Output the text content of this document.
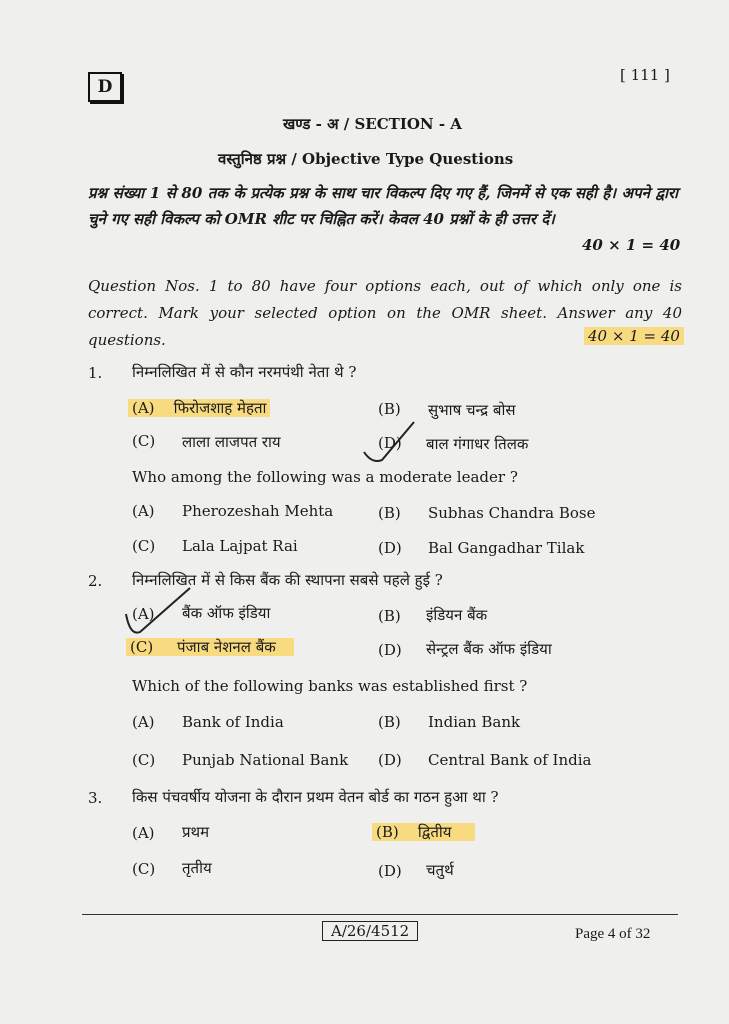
D
[ 111 ]
खण्ड - अ / SECTION - A
वस्तुनिष्ठ प्रश्न / Objective Type Questions
प्रश्न संख्या 1 से 80 तक के प्रत्येक प्रश्न के साथ चार विकल्प दिए गए हैं, जिनमें से एक सही है। अपने द्वारा चुने गए सही विकल्प को OMR शीट पर चिह्नित करें। केवल 40 प्रश्नों के ही उत्तर दें।
40 × 1 = 40
Question Nos. 1 to 80 have four options each, out of which only one is correct. Mark your selected option on the OMR sheet. Answer any 40 questions.	40 × 1 = 40
1. निम्नलिखित में से कौन नरमपंथी नेता थे ?
(A) फिरोजशाह मेहता	(B) सुभाष चन्द्र बोस
(C) लाला लाजपत राय	(D) बाल गंगाधर तिलक
Who among the following was a moderate leader ?
(A) Pherozeshah Mehta	(B) Subhas Chandra Bose
(C) Lala Lajpat Rai	(D) Bal Gangadhar Tilak
2. निम्नलिखित में से किस बैंक की स्थापना सबसे पहले हुई ?
(A) बैंक ऑफ इंडिया	(B) इंडियन बैंक
(C) पंजाब नेशनल बैंक	(D) सेन्ट्रल बैंक ऑफ इंडिया
Which of the following banks was established first ?
(A) Bank of India	(B) Indian Bank
(C) Punjab National Bank (D) Central Bank of India
3. किस पंचवर्षीय योजना के दौरान प्रथम वेतन बोर्ड का गठन हुआ था ?
(A) प्रथम	(B) द्वितीय
(C) तृतीय	(D) चतुर्थ
A/26/4512	Page 4 of 32
